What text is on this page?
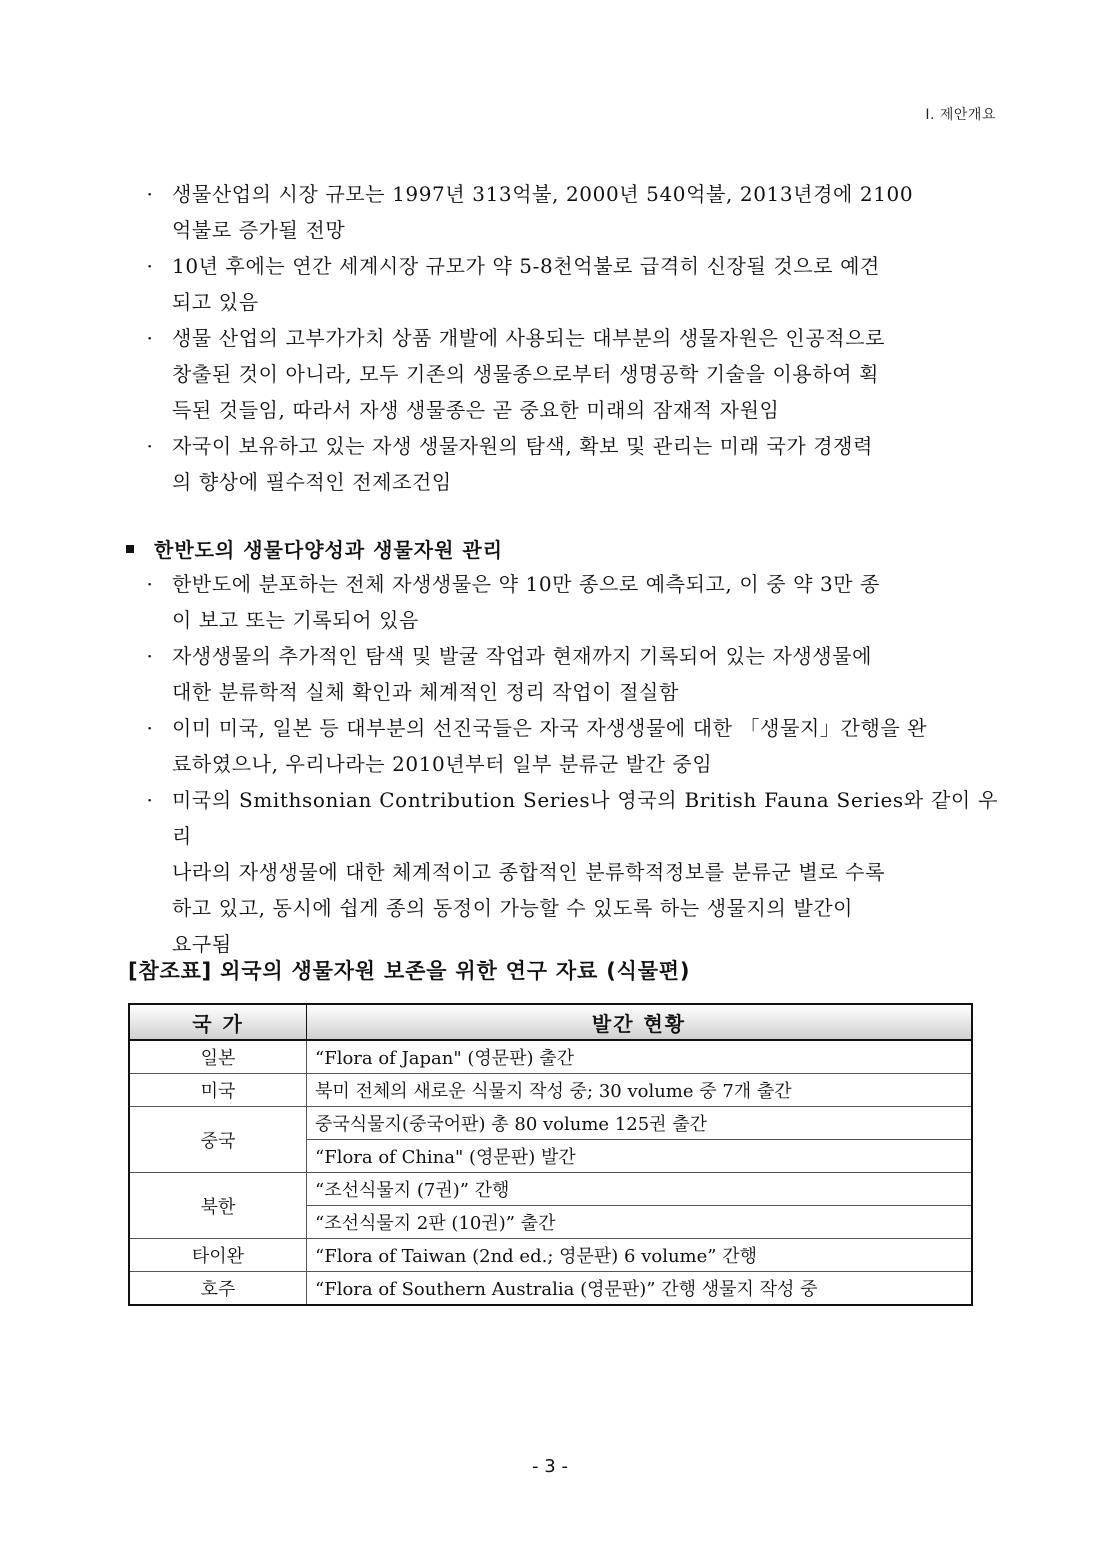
I. 제안개요
· 생물산업의 시장 규모는 1997년 313억불, 2000년 540억불, 2013년경에 2100
억불로 증가될 전망
· 10년 후에는 연간 세계시장 규모가 약 5-8천억불로 급격히 신장될 것으로 예견
되고 있음
· 생물 산업의 고부가가치 상품 개발에 사용되는 대부분의 생물자원은 인공적으로
창출된 것이 아니라, 모두 기존의 생물종으로부터 생명공학 기술을 이용하여 획
득된 것들임, 따라서 자생 생물종은 곧 중요한 미래의 잠재적 자원임
· 자국이 보유하고 있는 자생 생물자원의 탐색, 확보 및 관리는 미래 국가 경쟁력
의 향상에 필수적인 전제조건임
한반도의 생물다양성과 생물자원 관리
· 한반도에 분포하는 전체 자생생물은 약 10만 종으로 예측되고, 이 중 약 3만 종
이 보고 또는 기록되어 있음
· 자생생물의 추가적인 탐색 및 발굴 작업과 현재까지 기록되어 있는 자생생물에
대한 분류학적 실체 확인과 체계적인 정리 작업이 절실함
· 이미 미국, 일본 등 대부분의 선진국들은 자국 자생생물에 대한 「생물지」간행을 완
료하였으나, 우리나라는 2010년부터 일부 분류군 발간 중임
· 미국의 Smithsonian Contribution Series나 영국의 British Fauna Series와 같이 우리
나라의 자생생물에 대한 체계적이고 종합적인 분류학적정보를 분류군 별로 수록
하고 있고, 동시에 쉽게 종의 동정이 가능할 수 있도록 하는 생물지의 발간이
요구됨
[참조표] 외국의 생물자원 보존을 위한 연구 자료 (식물편)
국 가	발간 현황
일본	“Flora of Japan" (영문판) 출간
미국	북미 전체의 새로운 식물지 작성 중; 30 volume 중 7개 출간
중국	중국식물지(중국어판) 총 80 volume 125권 출간
	“Flora of China" (영문판) 발간
북한	“조선식물지 (7권)” 간행
	“조선식물지 2판 (10권)” 출간
타이완	“Flora of Taiwan (2nd ed.; 영문판) 6 volume” 간행
호주	“Flora of Southern Australia (영문판)” 간행 생물지 작성 중
- 3 -
